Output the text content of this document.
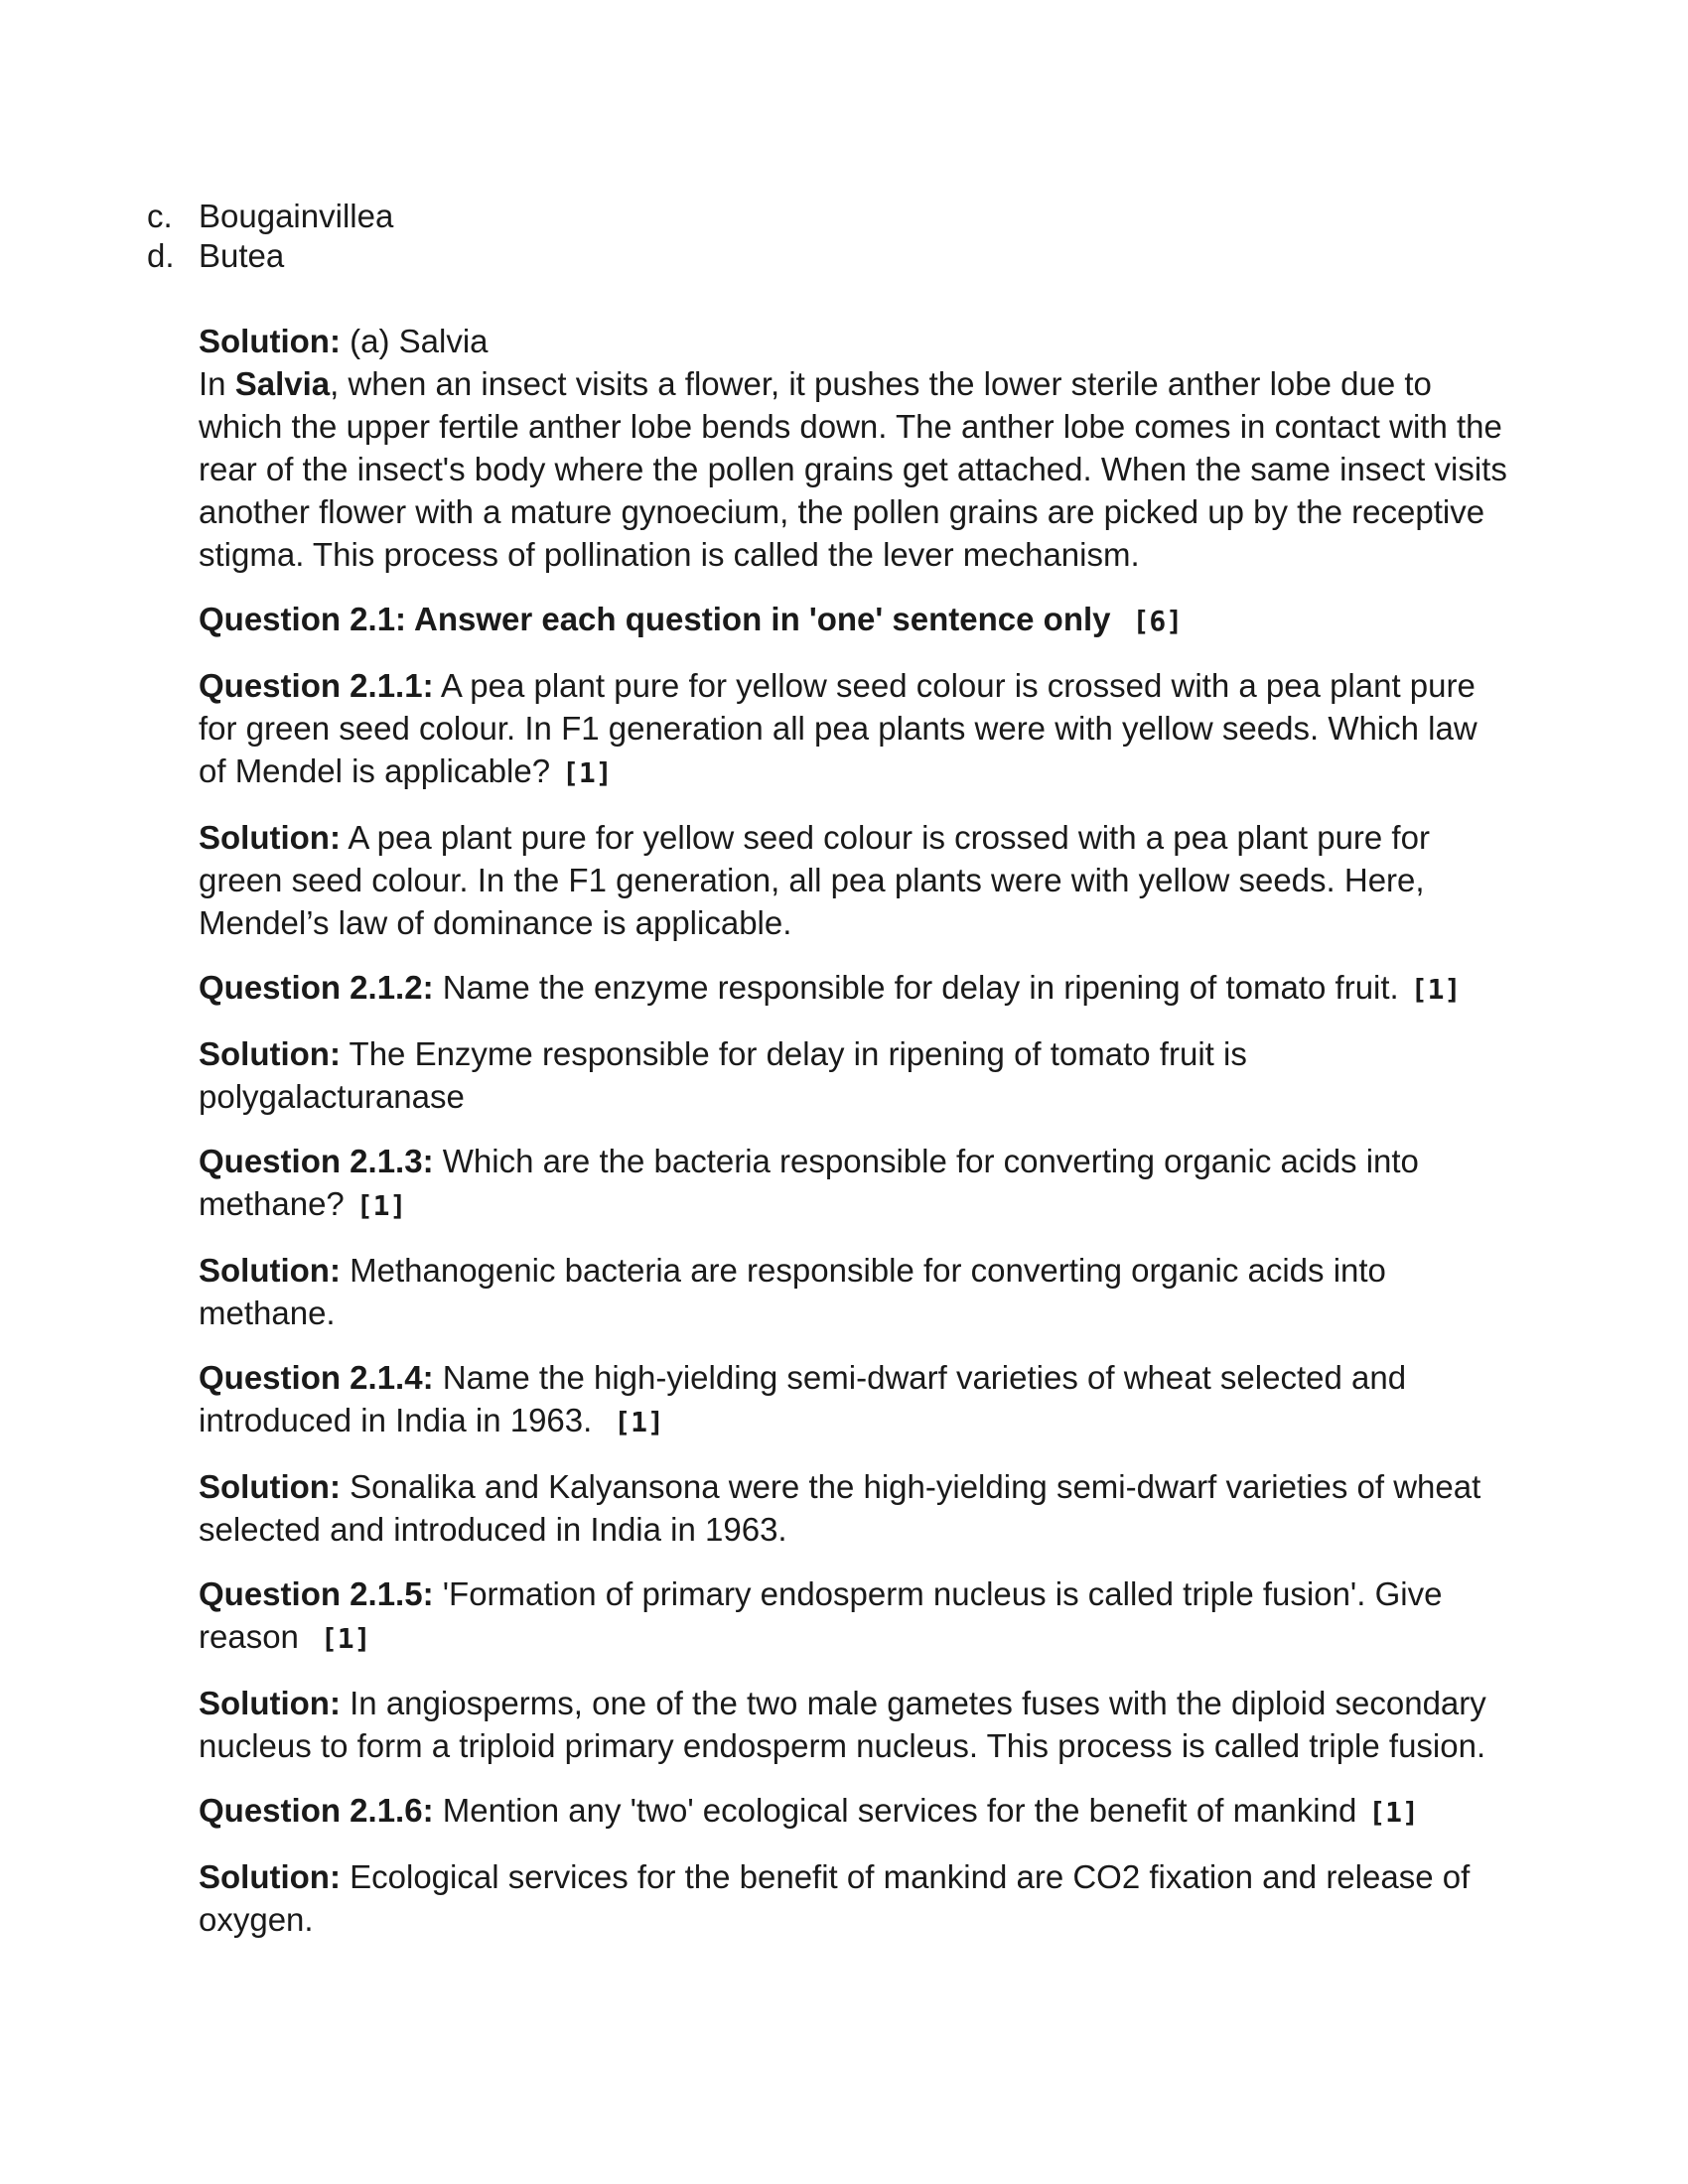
c. Bougainvillea
d. Butea
Solution: (a) Salvia
In Salvia, when an insect visits a flower, it pushes the lower sterile anther lobe due to which the upper fertile anther lobe bends down. The anther lobe comes in contact with the rear of the insect's body where the pollen grains get attached. When the same insect visits another flower with a mature gynoecium, the pollen grains are picked up by the receptive stigma. This process of pollination is called the lever mechanism.
Question 2.1: Answer each question in 'one' sentence only [6]
Question 2.1.1: A pea plant pure for yellow seed colour is crossed with a pea plant pure for green seed colour. In F1 generation all pea plants were with yellow seeds. Which law of Mendel is applicable? [1]
Solution: A pea plant pure for yellow seed colour is crossed with a pea plant pure for green seed colour. In the F1 generation, all pea plants were with yellow seeds. Here, Mendel’s law of dominance is applicable.
Question 2.1.2: Name the enzyme responsible for delay in ripening of tomato fruit. [1]
Solution: The Enzyme responsible for delay in ripening of tomato fruit is polygalacturanase
Question 2.1.3: Which are the bacteria responsible for converting organic acids into methane? [1]
Solution: Methanogenic bacteria are responsible for converting organic acids into methane.
Question 2.1.4: Name the high-yielding semi-dwarf varieties of wheat selected and introduced in India in 1963. [1]
Solution: Sonalika and Kalyansona were the high-yielding semi-dwarf varieties of wheat selected and introduced in India in 1963.
Question 2.1.5: 'Formation of primary endosperm nucleus is called triple fusion'. Give reason [1]
Solution: In angiosperms, one of the two male gametes fuses with the diploid secondary nucleus to form a triploid primary endosperm nucleus. This process is called triple fusion.
Question 2.1.6: Mention any 'two' ecological services for the benefit of mankind [1]
Solution: Ecological services for the benefit of mankind are CO2 fixation and release of oxygen.
